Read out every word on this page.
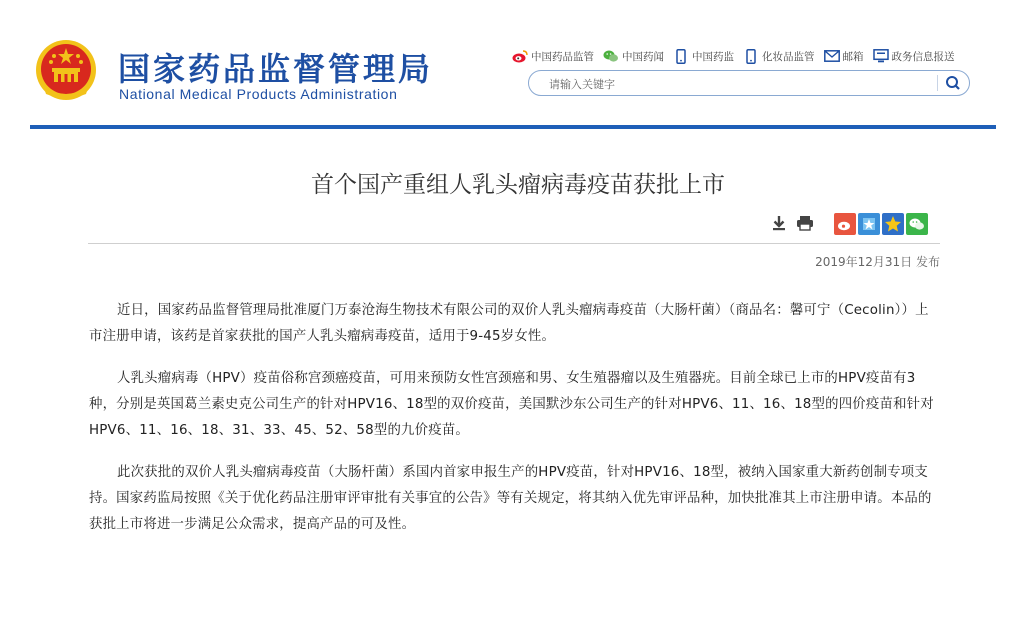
国家药品监督管理局
National Medical Products Administration
中国药品监管	中国药闻	中国药监	化妆品监管	邮箱	政务信息报送
请输入关键字
首个国产重组人乳头瘤病毒疫苗获批上市
2019年12月31日 发布

近日，国家药品监督管理局批准厦门万泰沧海生物技术有限公司的双价人乳头瘤病毒疫苗（大肠杆菌）（商品名：馨可宁（Cecolin））上市注册申请，该药是首家获批的国产人乳头瘤病毒疫苗，适用于9-45岁女性。

人乳头瘤病毒（HPV）疫苗俗称宫颈癌疫苗，可用来预防女性宫颈癌和男、女生殖器瘤以及生殖器疣。目前全球已上市的HPV疫苗有3种，分别是英国葛兰素史克公司生产的针对HPV16、18型的双价疫苗，美国默沙东公司生产的针对HPV6、11、16、18型的四价疫苗和针对HPV6、11、16、18、31、33、45、52、58型的九价疫苗。

此次获批的双价人乳头瘤病毒疫苗（大肠杆菌）系国内首家申报生产的HPV疫苗，针对HPV16、18型，被纳入国家重大新药创制专项支持。国家药监局按照《关于优化药品注册审评审批有关事宜的公告》等有关规定，将其纳入优先审评品种，加快批准其上市注册申请。本品的获批上市将进一步满足公众需求，提高产品的可及性。
